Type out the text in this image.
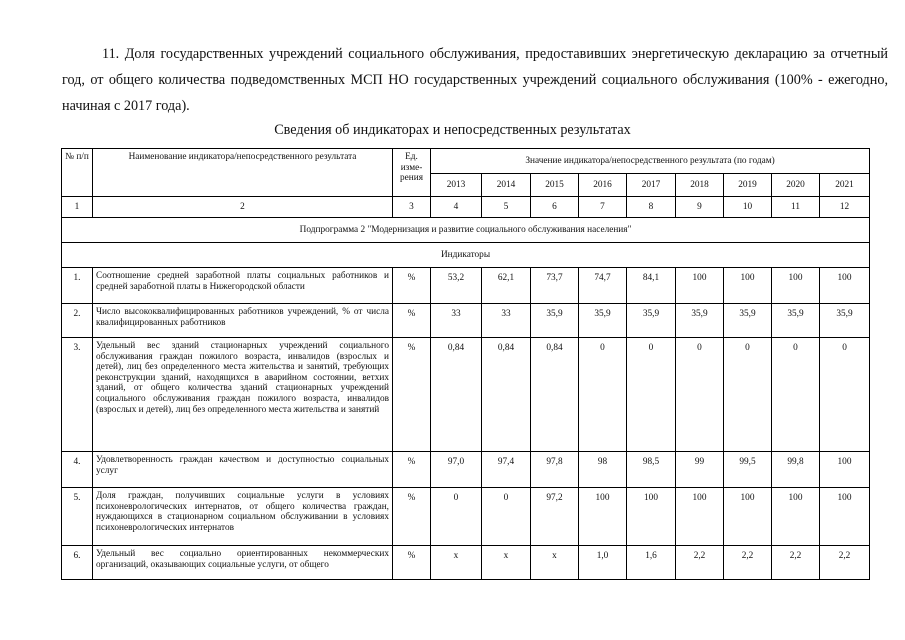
11. Доля государственных учреждений социального обслуживания, предоставивших энергетическую декларацию за отчетный год, от общего количества подведомственных МСП НО государственных учреждений социального обслуживания (100% - ежегодно, начиная с 2017 года).

Сведения об индикаторах и непосредственных результатах

№ п/п	Наименование индикатора/непосредственного результата	Ед. изме-рения	Значение индикатора/непосредственного результата (по годам)								
			2013	2014	2015	2016	2017	2018	2019	2020	2021
1	2	3	4	5	6	7	8	9	10	11	12
Подпрограмма 2 "Модернизация и развитие социального обслуживания населения"											
Индикаторы											
1.	Соотношение средней заработной платы социальных работников и средней заработной платы в Нижегородской области	%	53,2	62,1	73,7	74,7	84,1	100	100	100	100
2.	Число высококвалифицированных работников учреждений, % от числа квалифицированных работников	%	33	33	35,9	35,9	35,9	35,9	35,9	35,9	35,9
3.	Удельный вес зданий стационарных учреждений социального обслуживания граждан пожилого возраста, инвалидов (взрослых и детей), лиц без определенного места жительства и занятий, требующих реконструкции зданий, находящихся в аварийном состоянии, ветхих зданий, от общего количества зданий стационарных учреждений социального обслуживания граждан пожилого возраста, инвалидов (взрослых и детей), лиц без определенного места жительства и занятий	%	0,84	0,84	0,84	0	0	0	0	0	0
4.	Удовлетворенность граждан качеством и доступностью социальных услуг	%	97,0	97,4	97,8	98	98,5	99	99,5	99,8	100
5.	Доля граждан, получивших социальные услуги в условиях психоневрологических интернатов, от общего количества граждан, нуждающихся в стационарном социальном обслуживании в условиях психоневрологических интернатов	%	0	0	97,2	100	100	100	100	100	100
6.	Удельный вес социально ориентированных некоммерческих организаций, оказывающих социальные услуги, от общего	%	x	x	x	1,0	1,6	2,2	2,2	2,2	2,2
